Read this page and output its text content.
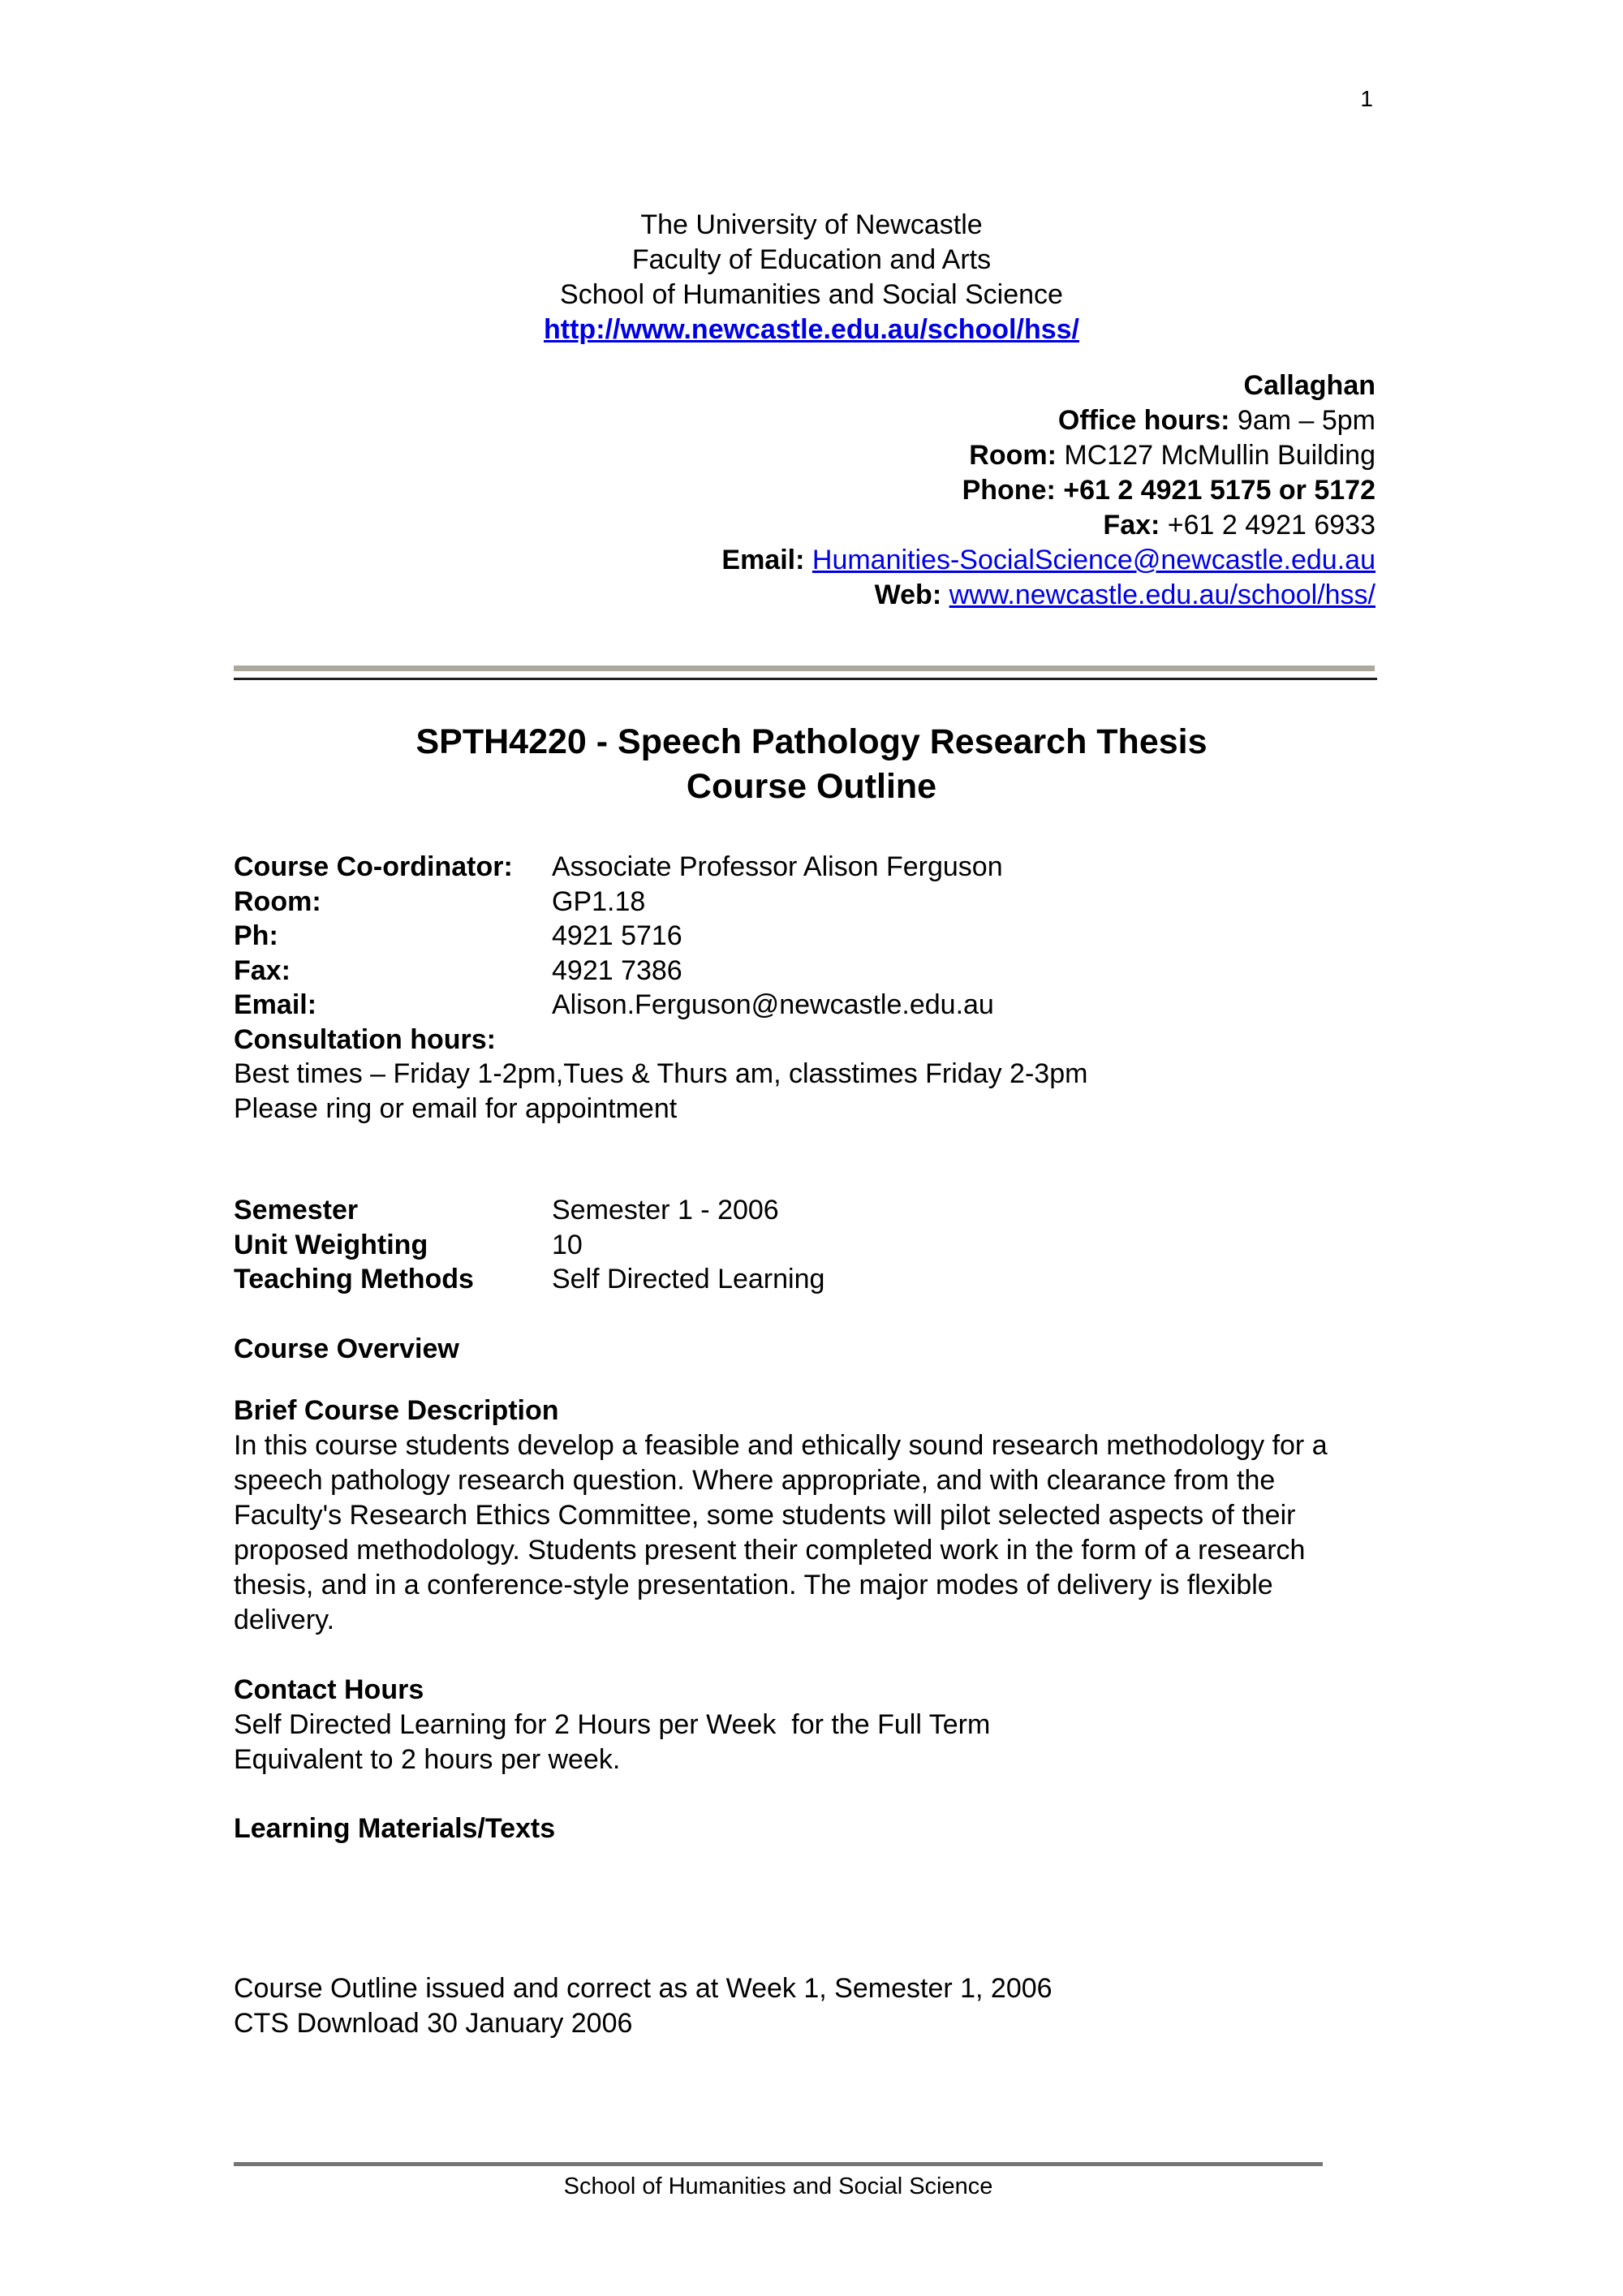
1
The University of Newcastle
Faculty of Education and Arts
School of Humanities and Social Science
http://www.newcastle.edu.au/school/hss/
Callaghan
Office hours: 9am – 5pm
Room: MC127 McMullin Building
Phone: +61 2 4921 5175 or 5172
Fax: +61 2 4921 6933
Email: Humanities-SocialScience@newcastle.edu.au
Web: www.newcastle.edu.au/school/hss/
SPTH4220 - Speech Pathology Research Thesis
Course Outline
Course Co-ordinator:	Associate Professor Alison Ferguson
Room:	GP1.18
Ph:	4921 5716
Fax:	4921 7386
Email:	Alison.Ferguson@newcastle.edu.au
Consultation hours:
Best times – Friday 1-2pm,Tues & Thurs am, classtimes Friday 2-3pm
Please ring or email for appointment
Semester	Semester 1 - 2006
Unit Weighting	10
Teaching Methods	Self Directed Learning
Course Overview
Brief Course Description
In this course students develop a feasible and ethically sound research methodology for a speech pathology research question. Where appropriate, and with clearance from the Faculty's Research Ethics Committee, some students will pilot selected aspects of their proposed methodology. Students present their completed work in the form of a research thesis, and in a conference-style presentation. The major modes of delivery is flexible delivery.
Contact Hours
Self Directed Learning for 2 Hours per Week  for the Full Term
Equivalent to 2 hours per week.
Learning Materials/Texts
Course Outline issued and correct as at Week 1, Semester 1, 2006
CTS Download 30 January 2006
School of Humanities and Social Science
